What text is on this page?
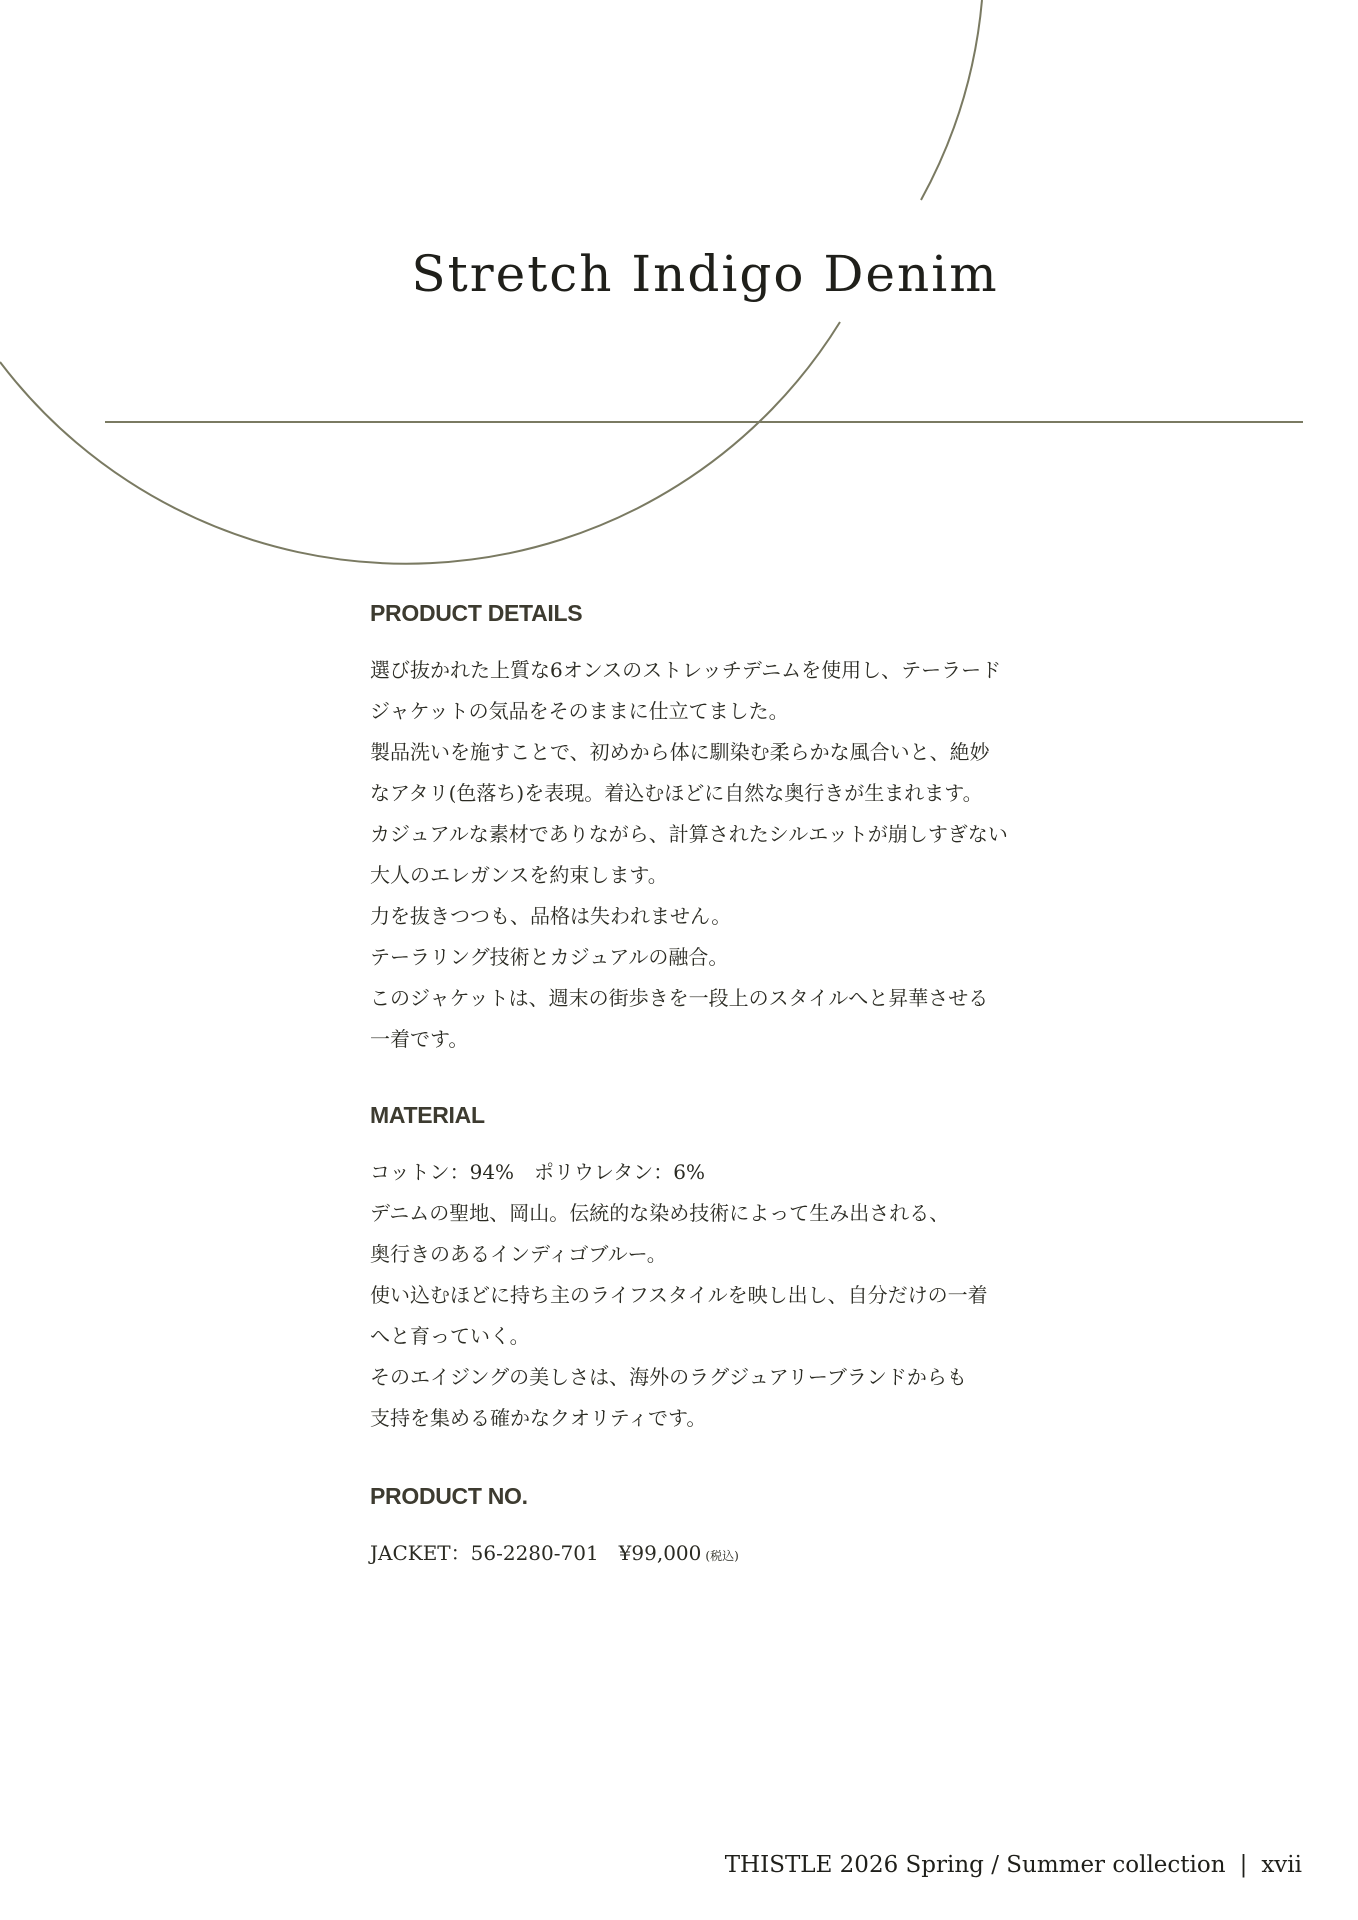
Stretch Indigo Denim
PRODUCT DETAILS
選び抜かれた上質な6オンスのストレッチデニムを使用し、テーラード
ジャケットの気品をそのままに仕立てました。
製品洗いを施すことで、初めから体に馴染む柔らかな風合いと、絶妙
なアタリ(色落ち)を表現。着込むほどに自然な奥行きが生まれます。
カジュアルな素材でありながら、計算されたシルエットが崩しすぎない
大人のエレガンスを約束します。
力を抜きつつも、品格は失われません。
テーラリング技術とカジュアルの融合。
このジャケットは、週末の街歩きを一段上のスタイルへと昇華させる
一着です。
MATERIAL
コットン：94%　ポリウレタン：6%
デニムの聖地、岡山。伝統的な染め技術によって生み出される、
奥行きのあるインディゴブルー。
使い込むほどに持ち主のライフスタイルを映し出し、自分だけの一着
へと育っていく。
そのエイジングの美しさは、海外のラグジュアリーブランドからも
支持を集める確かなクオリティです。
PRODUCT NO.
JACKET：56-2280-701　¥99,000 (税込)
THISTLE 2026 Spring / Summer collection | xvii
